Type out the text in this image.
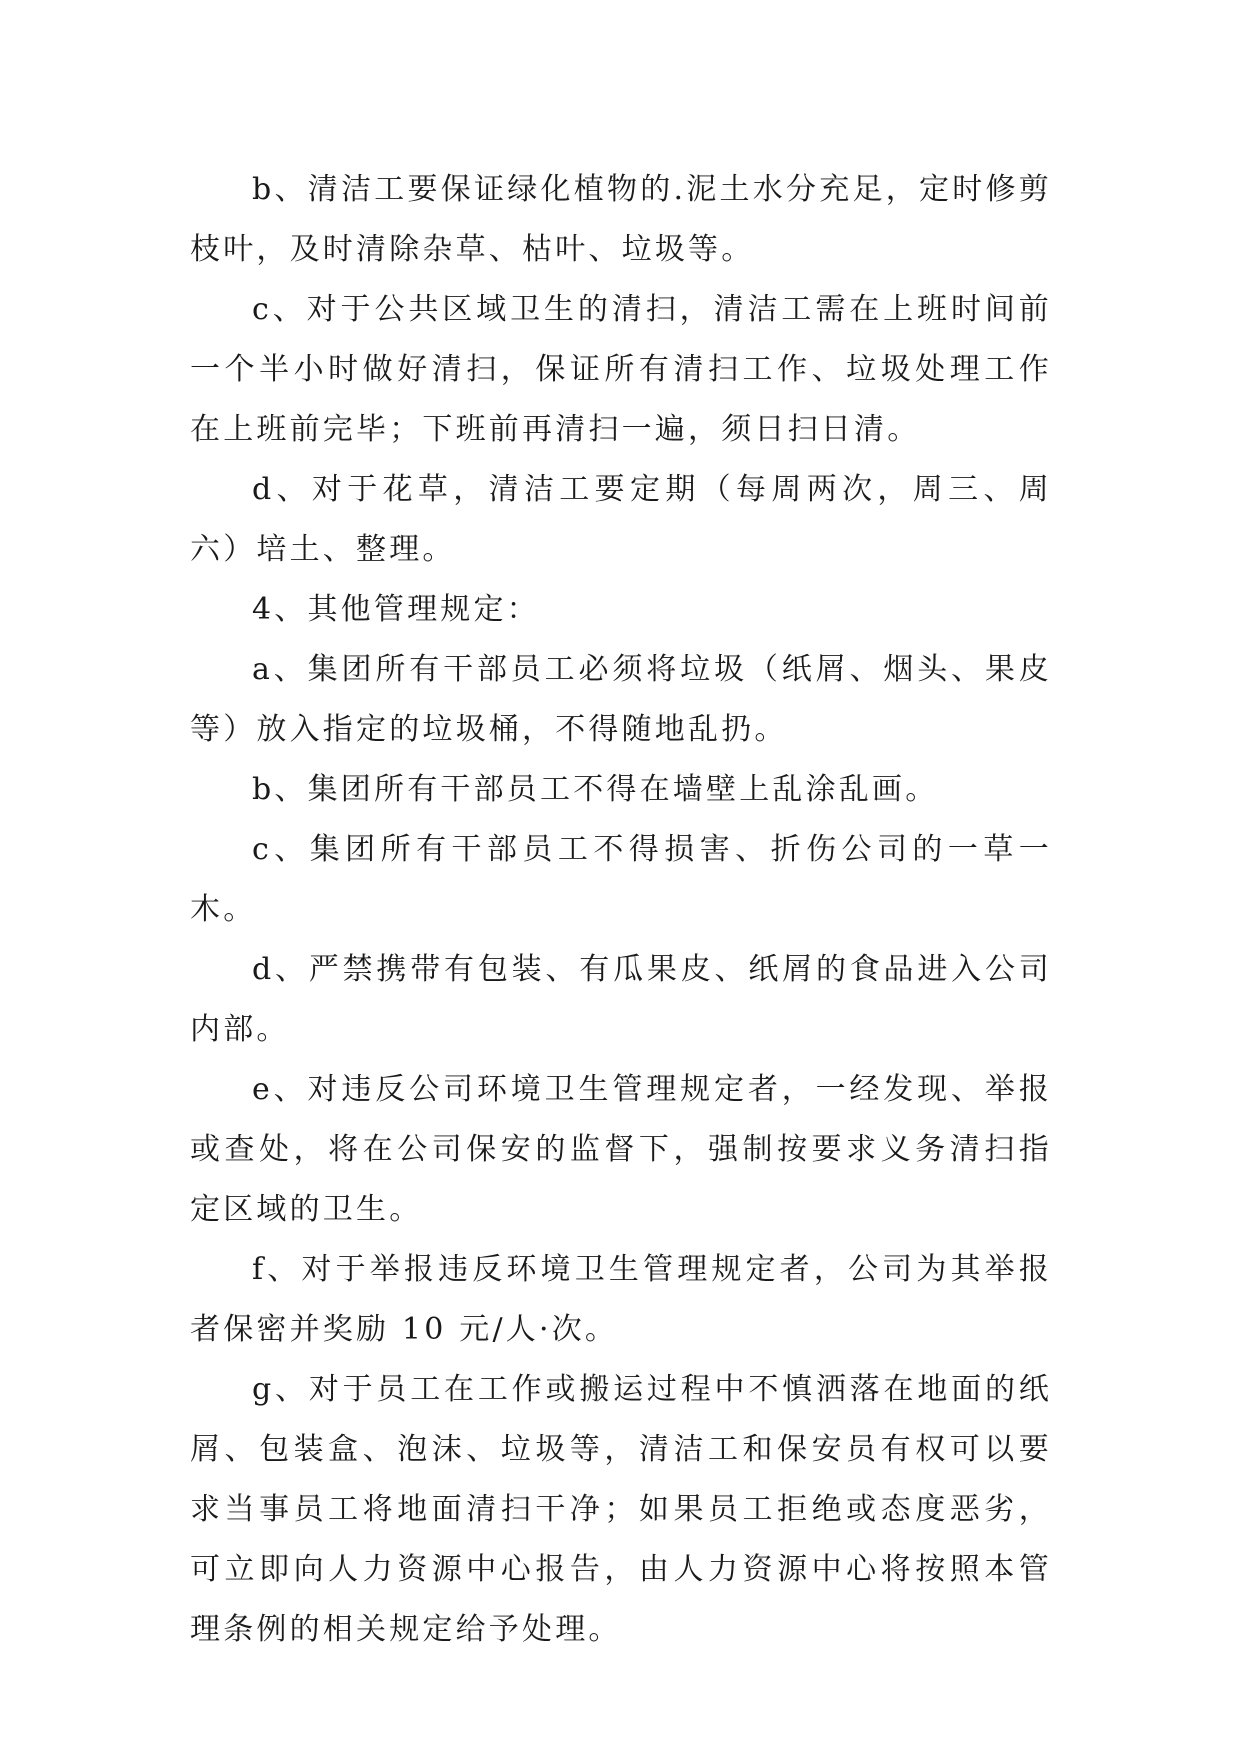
b、清洁工要保证绿化植物的.泥土水分充足，定时修剪枝叶，及时清除杂草、枯叶、垃圾等。

c、对于公共区域卫生的清扫，清洁工需在上班时间前一个半小时做好清扫，保证所有清扫工作、垃圾处理工作在上班前完毕；下班前再清扫一遍，须日扫日清。

d、对于花草，清洁工要定期（每周两次，周三、周六）培土、整理。

4、其他管理规定：

a、集团所有干部员工必须将垃圾（纸屑、烟头、果皮等）放入指定的垃圾桶，不得随地乱扔。

b、集团所有干部员工不得在墙壁上乱涂乱画。

c、集团所有干部员工不得损害、折伤公司的一草一木。

d、严禁携带有包装、有瓜果皮、纸屑的食品进入公司内部。

e、对违反公司环境卫生管理规定者，一经发现、举报或查处，将在公司保安的监督下，强制按要求义务清扫指定区域的卫生。

f、对于举报违反环境卫生管理规定者，公司为其举报者保密并奖励 10 元/人·次。

g、对于员工在工作或搬运过程中不慎洒落在地面的纸屑、包装盒、泡沫、垃圾等，清洁工和保安员有权可以要求当事员工将地面清扫干净；如果员工拒绝或态度恶劣，可立即向人力资源中心报告，由人力资源中心将按照本管理条例的相关规定给予处理。
